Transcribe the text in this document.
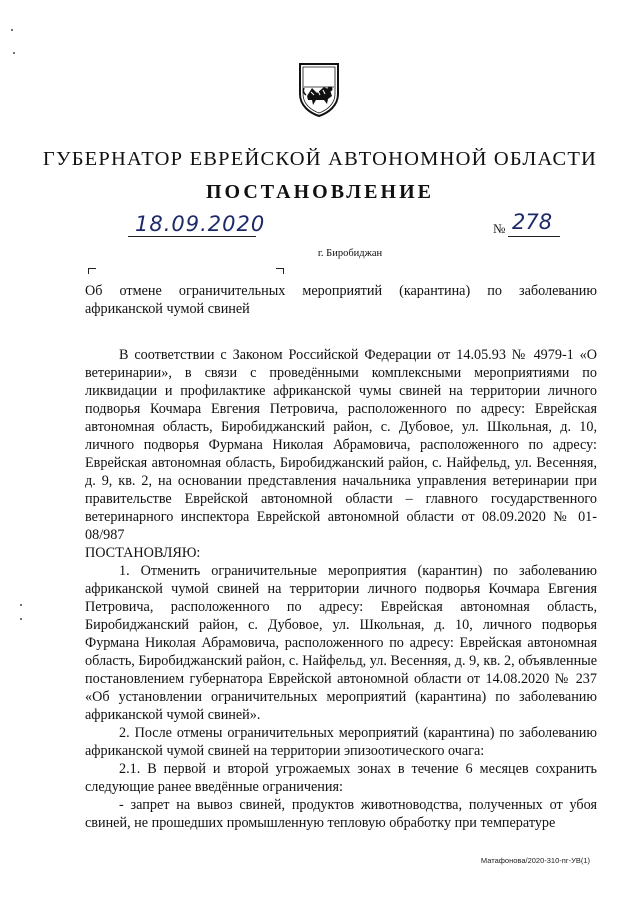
ГУБЕРНАТОР ЕВРЕЙСКОЙ АВТОНОМНОЙ ОБЛАСТИ
ПОСТАНОВЛЕНИЕ
18.09.2020	№ 278
г. Биробиджан
Об отмене ограничительных мероприятий (карантина) по заболеванию африканской чумой свиней

В соответствии с Законом Российской Федерации от 14.05.93 № 4979-1 «О ветеринарии», в связи с проведёнными комплексными мероприятиями по ликвидации и профилактике африканской чумы свиней на территории личного подворья Кочмара Евгения Петровича, расположенного по адресу: Еврейская автономная область, Биробиджанский район, с. Дубовое, ул. Школьная, д. 10, личного подворья Фурмана Николая Абрамовича, расположенного по адресу: Еврейская автономная область, Биробиджанский район, с. Найфельд, ул. Весенняя, д. 9, кв. 2, на основании представления начальника управления ветеринарии при правительстве Еврейской автономной области – главного государственного ветеринарного инспектора Еврейской автономной области от 08.09.2020 № 01-08/987

ПОСТАНОВЛЯЮ:

1. Отменить ограничительные мероприятия (карантин) по заболеванию африканской чумой свиней на территории личного подворья Кочмара Евгения Петровича, расположенного по адресу: Еврейская автономная область, Биробиджанский район, с. Дубовое, ул. Школьная, д. 10, личного подворья Фурмана Николая Абрамовича, расположенного по адресу: Еврейская автономная область, Биробиджанский район, с. Найфельд, ул. Весенняя, д. 9, кв. 2, объявленные постановлением губернатора Еврейской автономной области от 14.08.2020 № 237 «Об установлении ограничительных мероприятий (карантина) по заболеванию африканской чумой свиней».

2. После отмены ограничительных мероприятий (карантина) по заболеванию африканской чумой свиней на территории эпизоотического очага:

2.1. В первой и второй угрожаемых зонах в течение 6 месяцев сохранить следующие ранее введённые ограничения:

- запрет на вывоз свиней, продуктов животноводства, полученных от убоя свиней, не прошедших промышленную тепловую обработку при температуре

Матафонова/2020-310-пг-УВ(1)
